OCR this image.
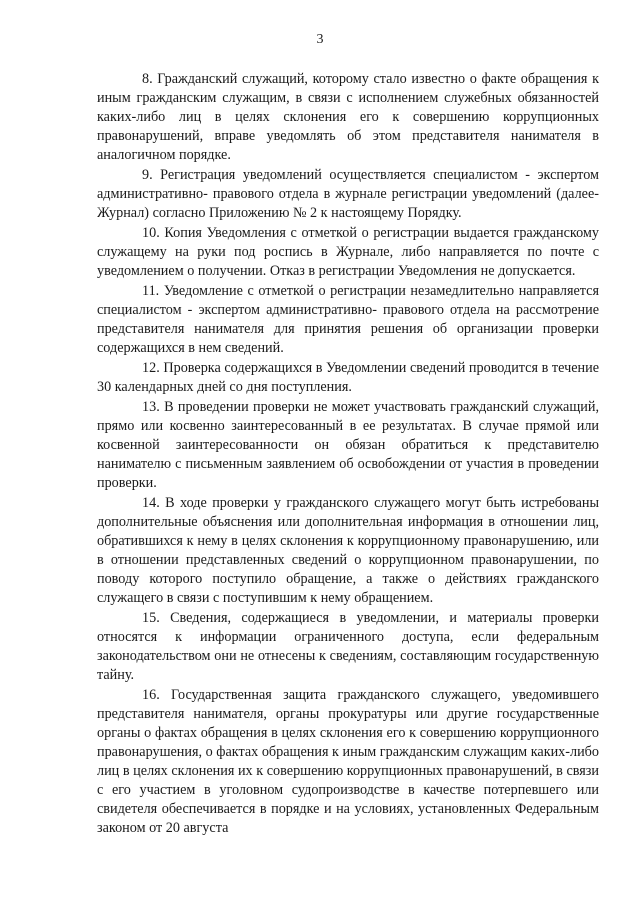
3

8. Гражданский служащий, которому стало известно о факте обращения к иным гражданским служащим, в связи с исполнением служебных обязанностей каких-либо лиц в целях склонения его к совершению коррупционных правонарушений, вправе уведомлять об этом представителя нанимателя в аналогичном порядке.

9. Регистрация уведомлений осуществляется специалистом - экспертом административно- правового отдела в журнале регистрации уведомлений (далее-Журнал) согласно Приложению № 2 к настоящему Порядку.

10. Копия Уведомления с отметкой о регистрации выдается гражданскому служащему на руки под роспись в Журнале, либо направляется по почте с уведомлением о получении. Отказ в регистрации Уведомления не допускается.

11. Уведомление с отметкой о регистрации незамедлительно направляется специалистом - экспертом административно- правового отдела на рассмотрение представителя нанимателя для принятия решения об организации проверки содержащихся в нем сведений.

12. Проверка содержащихся в Уведомлении сведений проводится в течение 30 календарных дней со дня поступления.

13. В проведении проверки не может участвовать гражданский служащий, прямо или косвенно заинтересованный в ее результатах. В случае прямой или косвенной заинтересованности он обязан обратиться к представителю нанимателю с письменным заявлением об освобождении от участия в проведении проверки.

14. В ходе проверки у гражданского служащего могут быть истребованы дополнительные объяснения или дополнительная информация в отношении лиц, обратившихся к нему в целях склонения к коррупционному правонарушению, или в отношении представленных сведений о коррупционном правонарушении, по поводу которого поступило обращение, а также о действиях гражданского служащего в связи с поступившим к нему обращением.

15. Сведения, содержащиеся в уведомлении, и материалы проверки относятся к информации ограниченного доступа, если федеральным законодательством они не отнесены к сведениям, составляющим государственную тайну.

16. Государственная защита гражданского служащего, уведомившего представителя нанимателя, органы прокуратуры или другие государственные органы о фактах обращения в целях склонения его к совершению коррупционного правонарушения, о фактах обращения к иным гражданским служащим каких-либо лиц в целях склонения их к совершению коррупционных правонарушений, в связи с его участием в уголовном судопроизводстве в качестве потерпевшего или свидетеля обеспечивается в порядке и на условиях, установленных Федеральным законом от 20 августа
